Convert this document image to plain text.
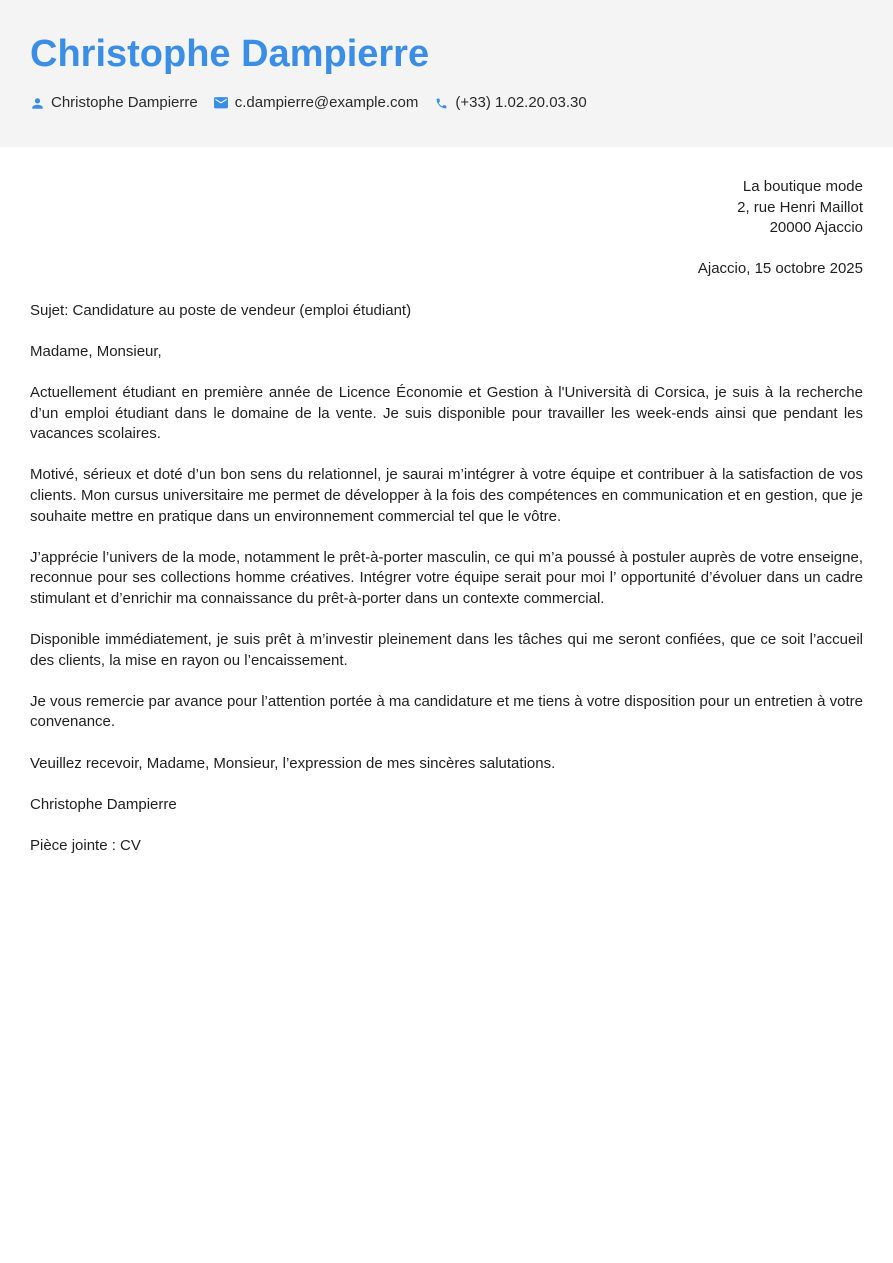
Christophe Dampierre
Christophe Dampierre c.dampierre@example.com (+33) 1.02.20.03.30
La boutique mode
2, rue Henri Maillot
20000 Ajaccio
Ajaccio, 15 octobre 2025
Sujet: Candidature au poste de vendeur (emploi étudiant)
Madame, Monsieur,
Actuellement étudiant en première année de Licence Économie et Gestion à l'Università di Corsica, je suis à la recherche d’un emploi étudiant dans le domaine de la vente. Je suis disponible pour travailler les week-ends ainsi que pendant les vacances scolaires.
Motivé, sérieux et doté d’un bon sens du relationnel, je saurai m’intégrer à votre équipe et contribuer à la satisfaction de vos clients. Mon cursus universitaire me permet de développer à la fois des compétences en communication et en gestion, que je souhaite mettre en pratique dans un environnement commercial tel que le vôtre.
J’apprécie l’univers de la mode, notamment le prêt-à-porter masculin, ce qui m’a poussé à postuler auprès de votre enseigne, reconnue pour ses collections homme créatives. Intégrer votre équipe serait pour moi l’ opportunité d’évoluer dans un cadre stimulant et d’enrichir ma connaissance du prêt-à-porter dans un contexte commercial.
Disponible immédiatement, je suis prêt à m’investir pleinement dans les tâches qui me seront confiées, que ce soit l’accueil des clients, la mise en rayon ou l’encaissement.
Je vous remercie par avance pour l’attention portée à ma candidature et me tiens à votre disposition pour un entretien à votre convenance.
Veuillez recevoir, Madame, Monsieur, l’expression de mes sincères salutations.
Christophe Dampierre
Pièce jointe : CV
